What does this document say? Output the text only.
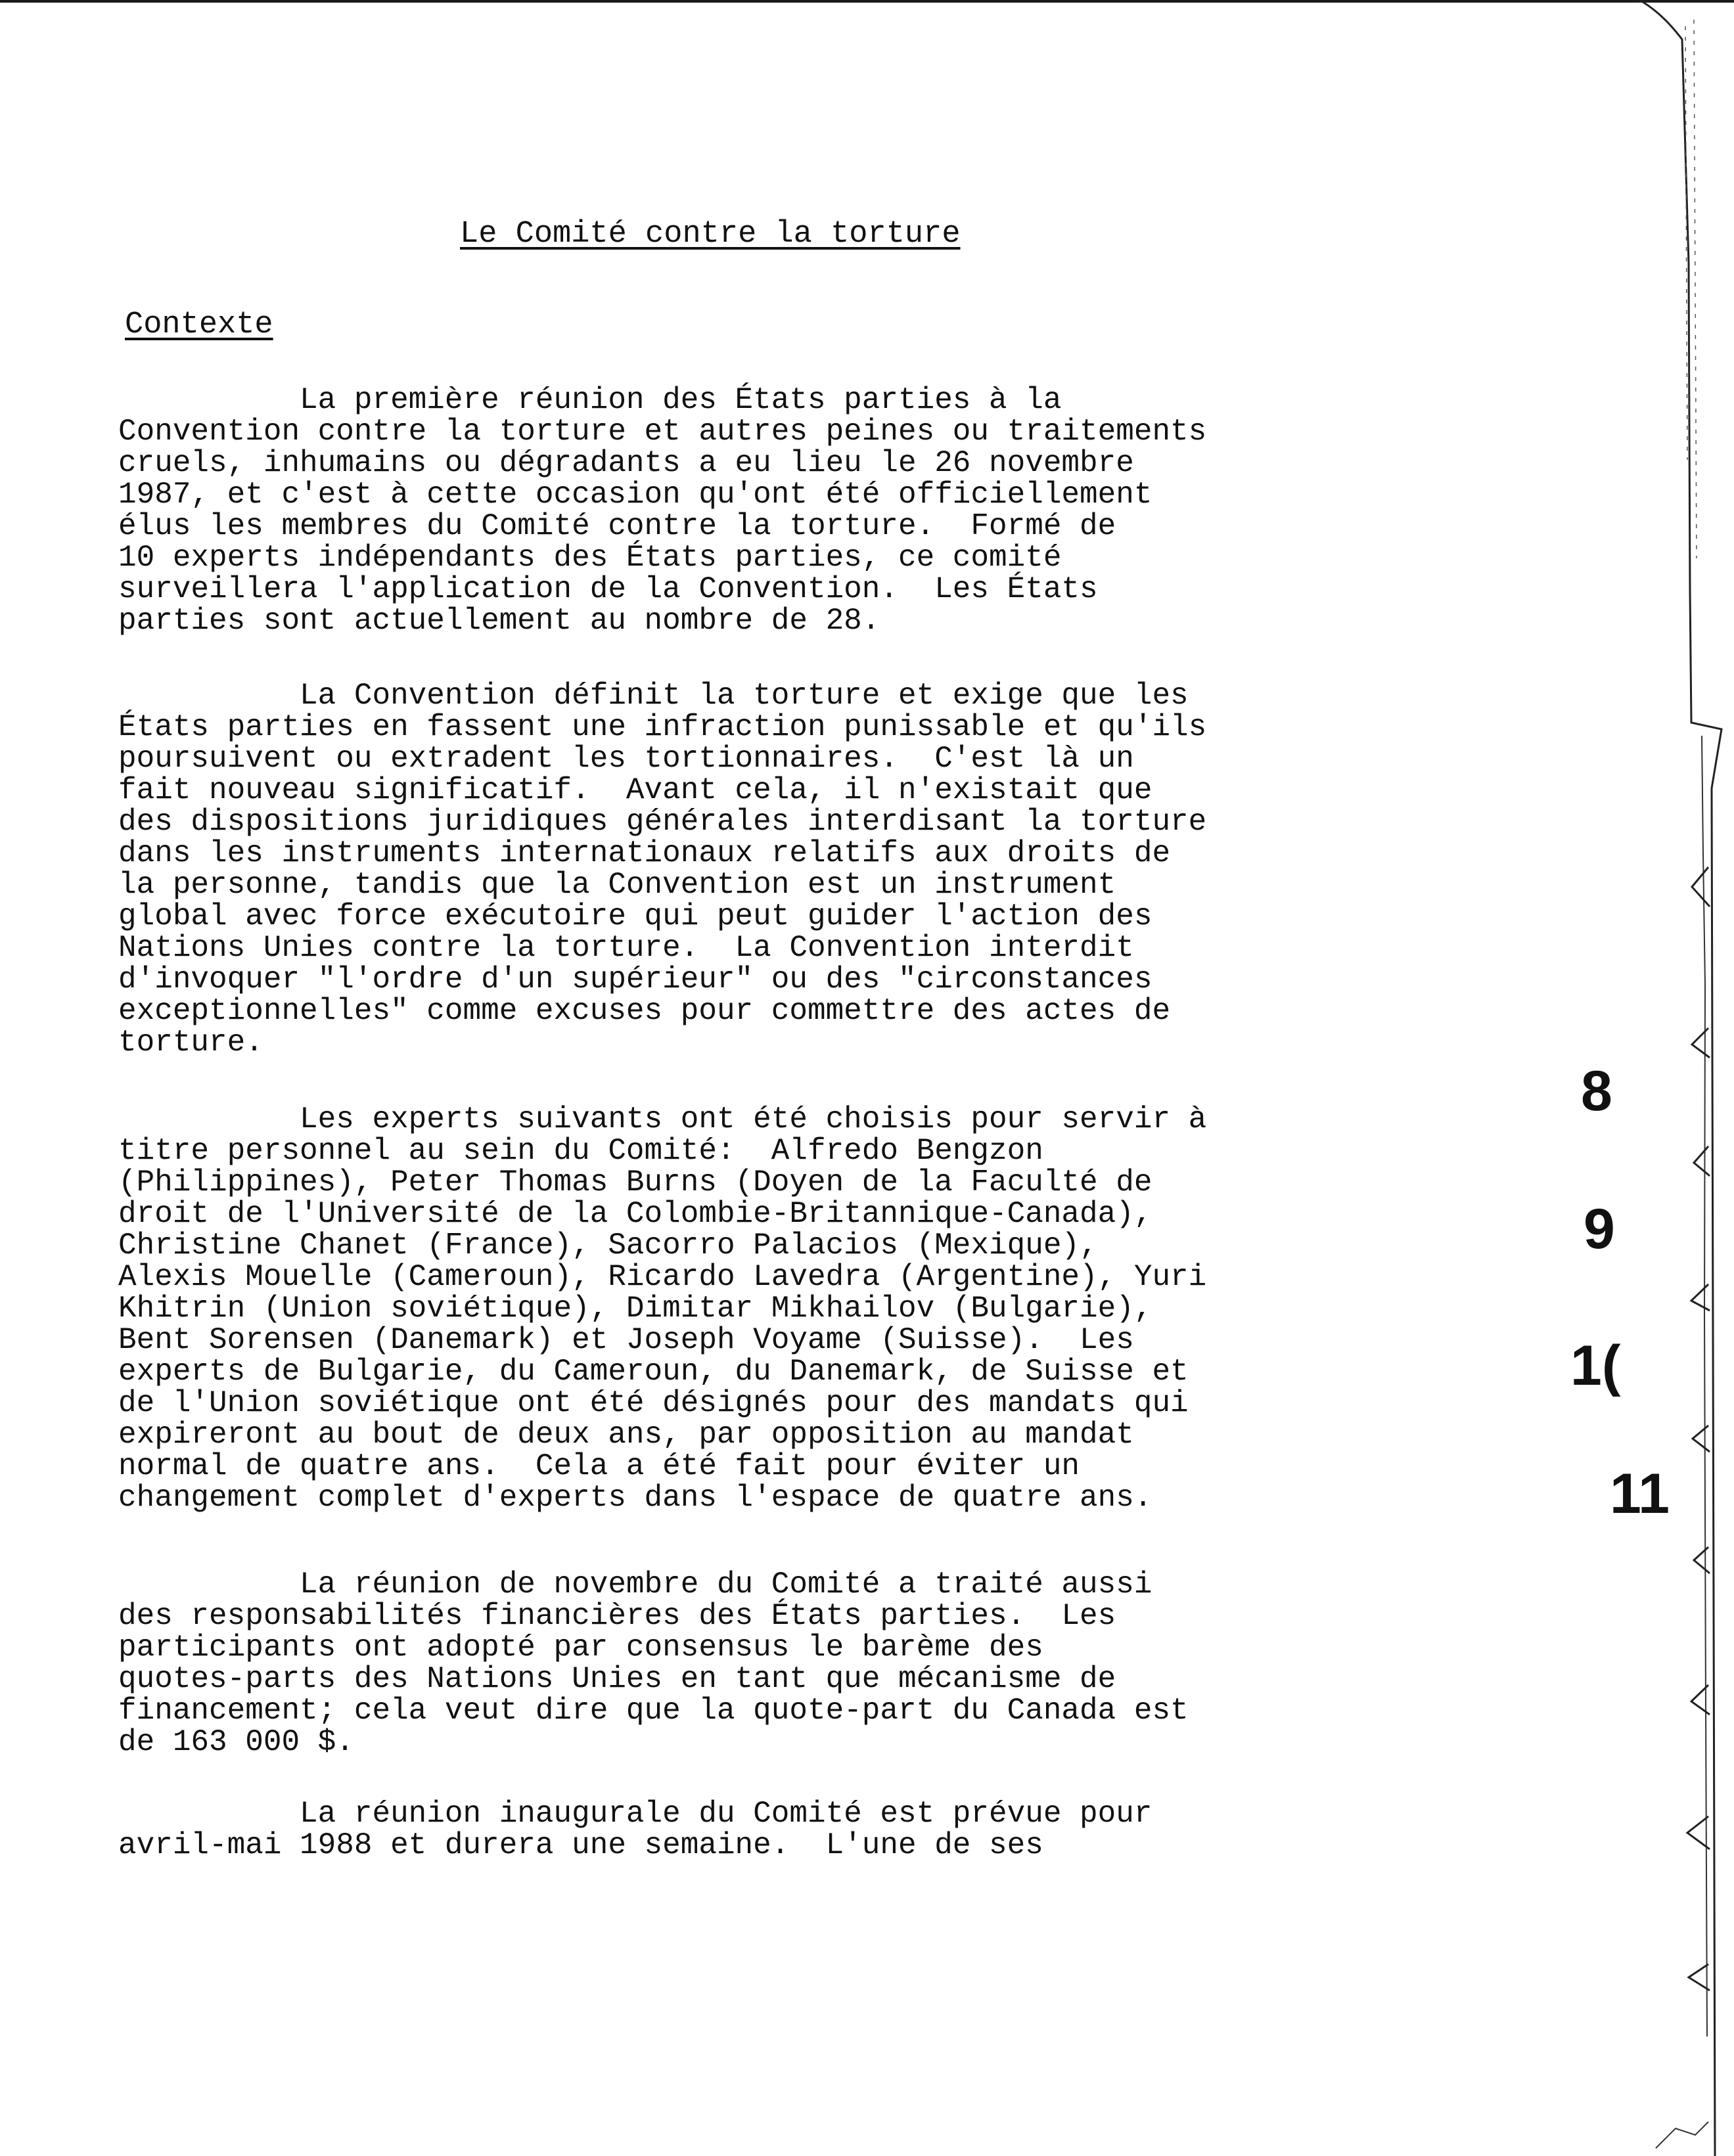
Le Comité contre la torture
Contexte
La première réunion des États parties à la
Convention contre la torture et autres peines ou traitements
cruels, inhumains ou dégradants a eu lieu le 26 novembre
1987, et c'est à cette occasion qu'ont été officiellement
élus les membres du Comité contre la torture.  Formé de
10 experts indépendants des États parties, ce comité
surveillera l'application de la Convention.  Les États
parties sont actuellement au nombre de 28.
La Convention définit la torture et exige que les
États parties en fassent une infraction punissable et qu'ils
poursuivent ou extradent les tortionnaires.  C'est là un
fait nouveau significatif.  Avant cela, il n'existait que
des dispositions juridiques générales interdisant la torture
dans les instruments internationaux relatifs aux droits de
la personne, tandis que la Convention est un instrument
global avec force exécutoire qui peut guider l'action des
Nations Unies contre la torture.  La Convention interdit
d'invoquer "l'ordre d'un supérieur" ou des "circonstances
exceptionnelles" comme excuses pour commettre des actes de
torture.
Les experts suivants ont été choisis pour servir à
titre personnel au sein du Comité:  Alfredo Bengzon
(Philippines), Peter Thomas Burns (Doyen de la Faculté de
droit de l'Université de la Colombie-Britannique-Canada),
Christine Chanet (France), Sacorro Palacios (Mexique),
Alexis Mouelle (Cameroun), Ricardo Lavedra (Argentine), Yuri
Khitrin (Union soviétique), Dimitar Mikhailov (Bulgarie),
Bent Sorensen (Danemark) et Joseph Voyame (Suisse).  Les
experts de Bulgarie, du Cameroun, du Danemark, de Suisse et
de l'Union soviétique ont été désignés pour des mandats qui
expireront au bout de deux ans, par opposition au mandat
normal de quatre ans.  Cela a été fait pour éviter un
changement complet d'experts dans l'espace de quatre ans.
La réunion de novembre du Comité a traité aussi
des responsabilités financières des États parties.  Les
participants ont adopté par consensus le barème des
quotes-parts des Nations Unies en tant que mécanisme de
financement; cela veut dire que la quote-part du Canada est
de 163 000 $.
La réunion inaugurale du Comité est prévue pour
avril-mai 1988 et durera une semaine.  L'une de ses
8
9
1(
11
